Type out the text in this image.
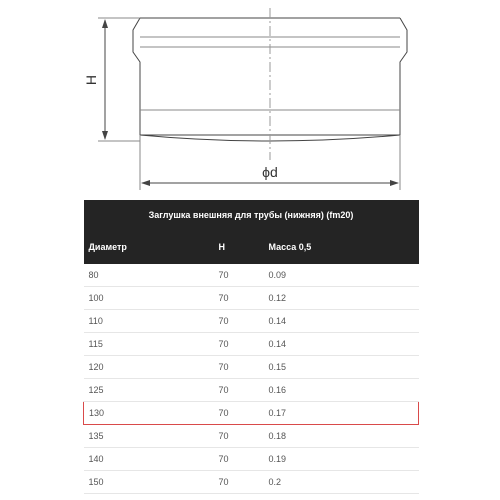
H
ϕd
Заглушка внешняя для трубы (нижняя) (fm20)		
Диаметр	H	Масса 0,5
80	70	0.09
100	70	0.12
110	70	0.14
115	70	0.14
120	70	0.15
125	70	0.16
130	70	0.17
135	70	0.18
140	70	0.19
150	70	0.2
